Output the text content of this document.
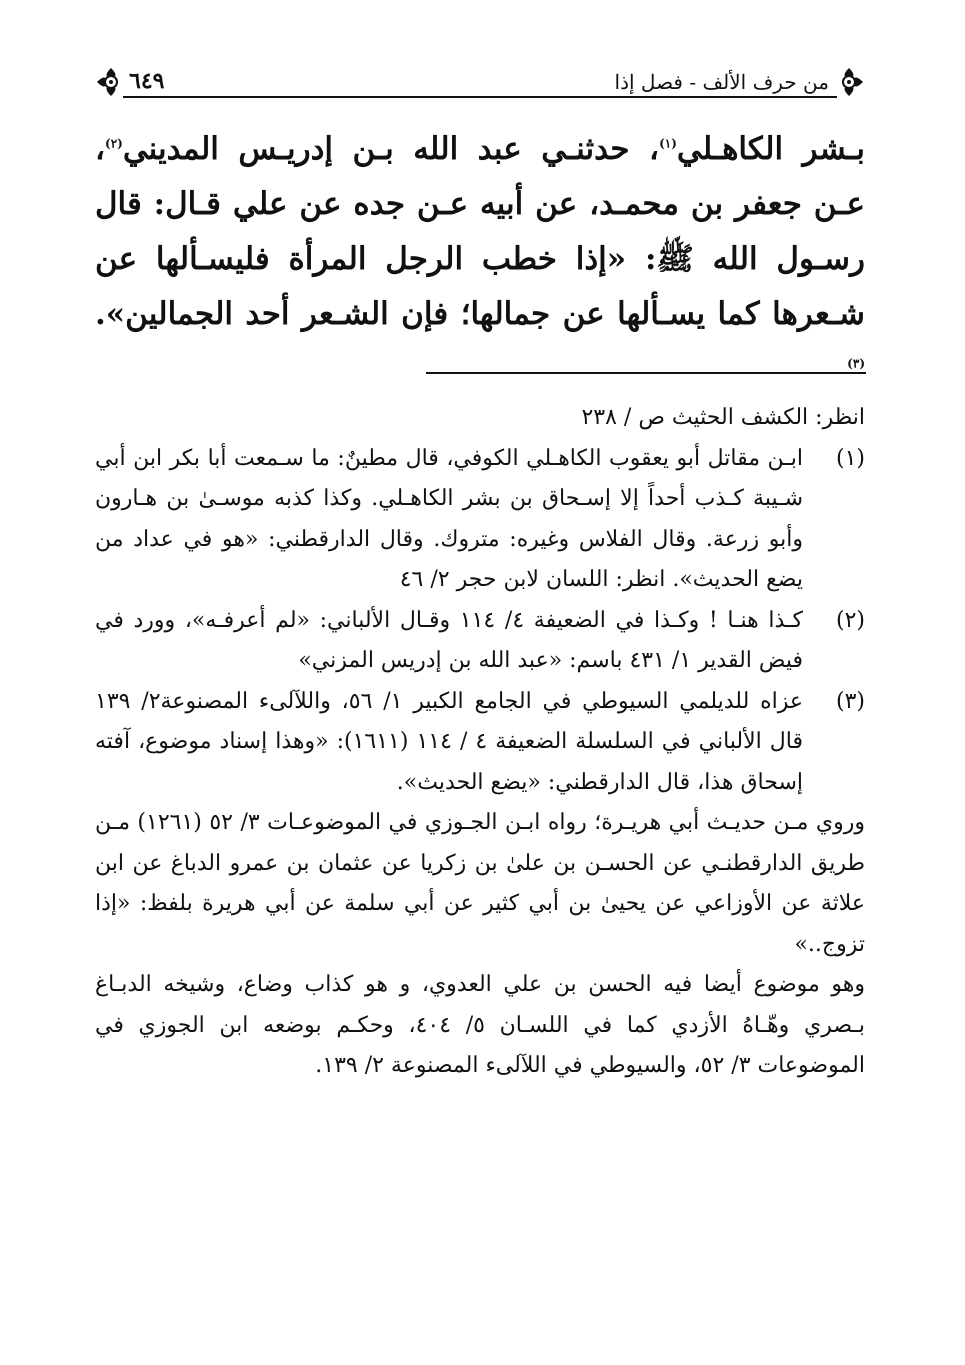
من حرف الألف - فصل إذا
٦٤٩

بـشر الكاهـلي$^{(١)}$، حدثنـي عبد الله بـن إدريـس المديني$^{(٢)}$، عـن جعفر بن محمـد، عن أبيه عـن جده عن علي قـال: قال رسـول الله ﷺ: «إذا خطب الرجل المرأة فليسـألها عن شـعرها كما يسـألها عن جمالها؛ فإن الشـعر أحد الجمالين».$^{(٣)}$

انظر: الكشف الحثيث ص / ٢٣٨

(١)
ابـن مقاتل أبو يعقوب الكاهـلي الكوفي، قال مطينٌ: ما سـمعت أبا بكر ابن أبي شـيبة كـذب أحداً إلا إسـحاق بن بشر الكاهـلي. وكذا كذبه موسـىٰ بن هـارون وأبو زرعة. وقال الفلاس وغيره: متروك. وقال الدارقطني: «هو في عداد من يضع الحديث». انظر: اللسان لابن حجر ٢/ ٤٦
(٢)
كـذا هنـا ! وكـذا في الضعيفة ٤/ ١١٤ وقـال الألباني: «لم أعرفـه»، وورد في فيض القدير ١/ ٤٣١ باسم: «عبد الله بن إدريس المزني»
(٣)
عزاه للديلمي السيوطي في الجامع الكبير ١/ ٥٦، واللآلىء المصنوعة٢/ ١٣٩ قال الألباني في السلسلة الضعيفة ٤ / ١١٤ (١٦١١): «وهذا إسناد موضوع، آفته إسحاق هذا، قال الدارقطني: «يضع الحديث».

وروي مـن حديـث أبي هريـرة؛ رواه ابـن الجـوزي في الموضوعـات ٣/ ٥٢ (١٢٦١) مـن طريق الدارقطنـي عن الحسـن بن علىٰ بن زكريا عن عثمان بن عمرو الدباغ عن ابن علاثة عن الأوزاعي عن يحيىٰ بن أبي كثير عن أبي سلمة عن أبي هريرة بلفظ: «إذا تزوج..»

وهو موضوع أيضا فيه الحسن بن علي العدوي، و هو كذاب وضاع، وشيخه الدبـاغ بـصري وهّـاهُ الأزدي كما في اللسـان ٥/ ٤٠٤، وحكـم بوضعه ابن الجوزي في الموضوعات ٣/ ٥٢، والسيوطي في اللآلىء المصنوعة ٢/ ١٣٩.
